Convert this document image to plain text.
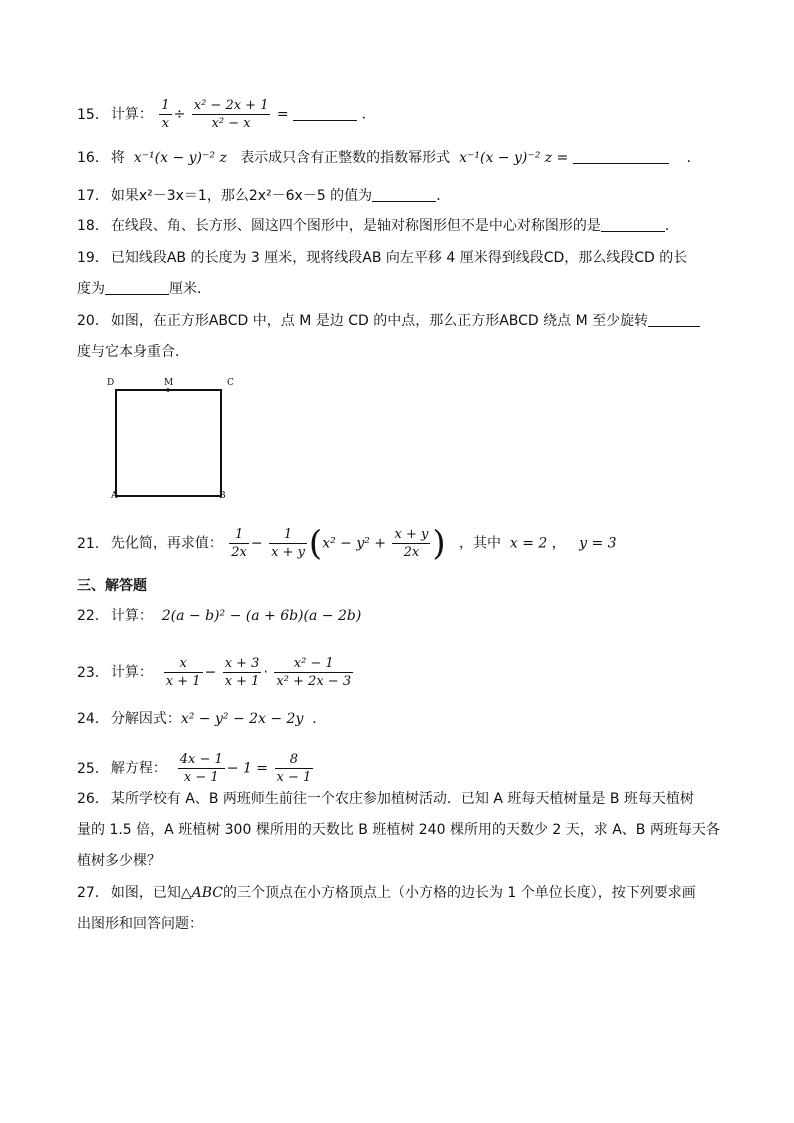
15． 计算： $\frac{1}{x} \div \frac{\text{x² − 2x + 1}}{\text{x² − x}}$ =	．
16． 将 x⁻¹(x − y)⁻² z 表示成只含有正整数的指数幂形式 x⁻¹(x − y)⁻² z =	．
17． 如果x²－3x＝1，那么2x²－6x－5 的值为	．
18． 在线段、角、长方形、圆这四个图形中，是轴对称图形但不是中心对称图形的是	．
19． 已知线段AB 的长度为 3 厘米，现将线段AB 向左平移 4 厘米得到线段CD，那么线段CD 的长
度为	厘米．
20． 如图，在正方形ABCD 中，点 M 是边 CD 的中点，那么正方形ABCD 绕点 M 至少旋转
度与它本身重合．
D	M	C
A	B
21． 先化简，再求值： $\frac{1}{2x} - \frac{1}{x + y} (x^2 - y^2 + \frac{x + y}{2x}$ ) ，其中 x = 2 ，   y = 3
三、解答题
22． 计算： 2(a − b)² − (a + 6b)(a − 2b)
23． 计算： $\frac{x}{x + 1} - \frac{x + 3}{x + 1} \cdot \frac{\text{x² − 1}}{\text{x² + 2x − 3}}$
24． 分解因式：x² − y² − 2x − 2y ．
25． 解方程： $\frac{4x - 1}{x - 1} - 1 = \frac{8}{x - 1}$
26． 某所学校有 A、B 两班师生前往一个农庄参加植树活动．已知 A 班每天植树量是 B 班每天植树
量的 1.5 倍，A 班植树 300 棵所用的天数比 B 班植树 240 棵所用的天数少 2 天，求 A、B 两班每天各
植树多少棵？
27． 如图，已知△ABC的三个顶点在小方格顶点上（小方格的边长为 1 个单位长度），按下列要求画
出图形和回答问题：
